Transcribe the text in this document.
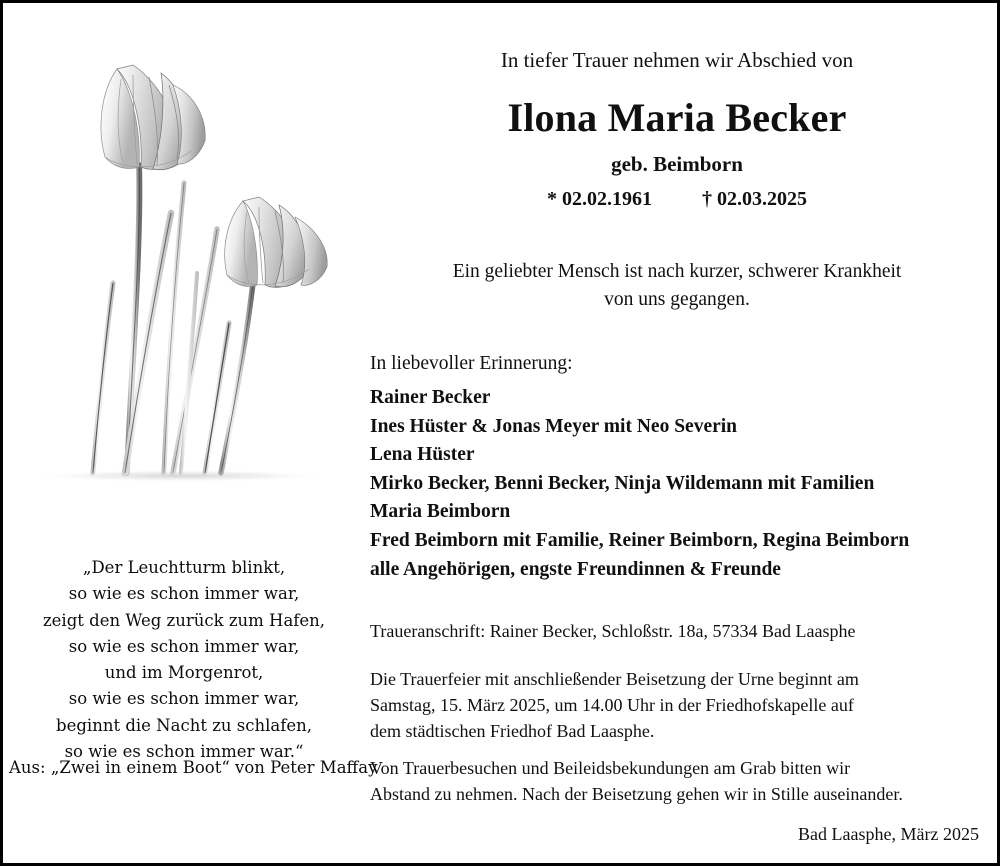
„Der Leuchtturm blinkt,
so wie es schon immer war,
zeigt den Weg zurück zum Hafen,
so wie es schon immer war,
und im Morgenrot,
so wie es schon immer war,
beginnt die Nacht zu schlafen,
so wie es schon immer war.“
Aus: „Zwei in einem Boot“ von Peter Maffay
In tiefer Trauer nehmen wir Abschied von
Ilona Maria Becker
geb. Beimborn
* 02.02.1961	† 02.03.2025
Ein geliebter Mensch ist nach kurzer, schwerer Krankheit
von uns gegangen.
In liebevoller Erinnerung:
Rainer Becker
Ines Hüster & Jonas Meyer mit Neo Severin
Lena Hüster
Mirko Becker, Benni Becker, Ninja Wildemann mit Familien
Maria Beimborn
Fred Beimborn mit Familie, Reiner Beimborn, Regina Beimborn
alle Angehörigen, engste Freundinnen & Freunde
Traueranschrift: Rainer Becker, Schloßstr. 18a, 57334 Bad Laasphe
Die Trauerfeier mit anschließender Beisetzung der Urne beginnt am
Samstag, 15. März 2025, um 14.00 Uhr in der Friedhofskapelle auf
dem städtischen Friedhof Bad Laasphe.
Von Trauerbesuchen und Beileidsbekundungen am Grab bitten wir
Abstand zu nehmen. Nach der Beisetzung gehen wir in Stille auseinander.
Bad Laasphe, März 2025
